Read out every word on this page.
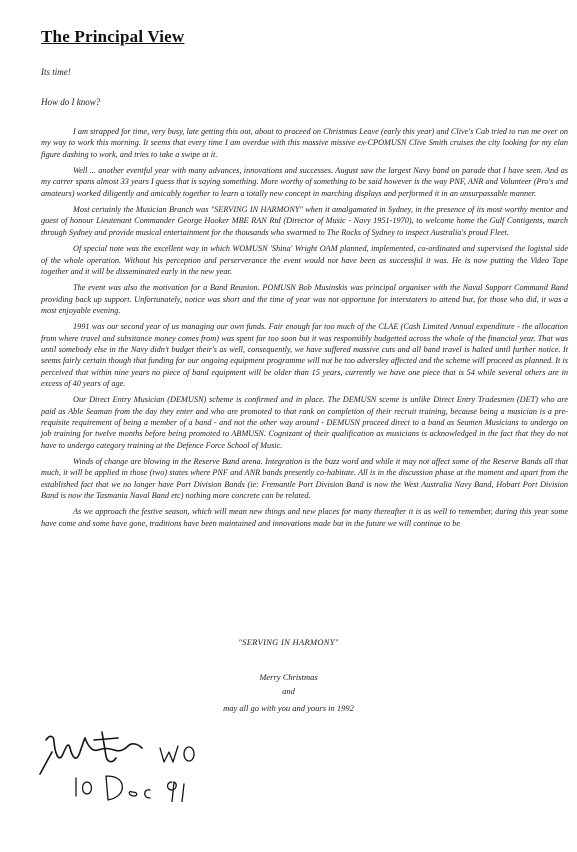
The Principal View
Its time!
How do I know?

I am strapped for time, very busy, late getting this out, about to proceed on Christmas Leave (early this year) and Clive's Cab tried to run me over on my way to work this morning. It seems that every time I am overdue with this massive missive ex-CPOMUSN Clive Smith cruises the city looking for my elan figure dashing to work, and tries to take a swipe at it.

Well ... another eventful year with many advances, innovations and successes. August saw the largest Navy band on parade that I have seen. And as my carrer spans almost 33 years I guess that is saying something. More worthy of something to be said however is the way PNF, ANR and Volunteer (Pro's and amateurs) worked diligently and amicably together to learn a totally new concept in marching displays and performed it in an unsurpassable manner.

Most certainly the Musician Branch was "SERVING IN HARMONY" when it amalgamated in Sydney, in the presence of its most worthy mentor and guest of honour Lieutenant Commander George Hooker MBE RAN Rtd (Director of Music - Navy 1951-1970), to welcome home the Gulf Contigents, march through Sydney and provide musical entertainment for the thousands who swarmed to The Rocks of Sydney to inspect Australia's proud Fleet.

Of special note was the excellent way in which WOMUSN 'Shina' Wright OAM planned, implemented, co-ordinated and supervised the logistal side of the whole operation. Without his perception and perserverance the event would not have been as successful it was. He is now putting the Video Tape together and it will be disseminated early in the new year.

The event was also the motivation for a Band Reunion. POMUSN Bob Musinskis was principal organiser with the Naval Support Command Band providing back up support. Unfortunately, notice was short and the time of year was not opportune for interstaters to attend but, for those who did, it was a most enjoyable evening.

1991 was our second year of us managing our own funds. Fair enough far too much of the CLAE (Cash Limited Annual expenditure - the allocation from where travel and subsitance money comes from) was spent far too soon but it was responsibly budgetted across the whole of the financial year. That was until somebody else in the Navy didn't budget their's as well, consequently, we have suffered massive cuts and all band travel is halted until further notice. It seems fairly certain though that funding for our ongoing equipment programme will not be too adversley affected and the scheme will proceed as planned. It is perceived that within nine years no piece of band equipment will be older than 15 years, currently we have one piece that is 54 while several others are in excess of 40 years of age.

Our Direct Entry Musician (DEMUSN) scheme is confirmed and in place. The DEMUSN sceme is unlike Direct Entry Tradesmen (DET) who are paid as Able Seaman from the day they enter and who are promoted to that rank on completion of their recruit training, because being a musician is a pre-requisite requirement of being a member of a band - and not the other way around - DEMUSN proceed direct to a band as Seamen Musicians to undergo on job training for twelve months before being promoted to ABMUSN. Cognizant of their qualification as musicians is acknowledged in the fact that they do not have to undergo category training at the Defence Force School of Music.

Winds of change are blowing in the Reserve Band arena. Integration is the buzz word and while it may not affect some of the Reserve Bands all that much, it will be applied in those (two) states where PNF and ANR bands presently co-habitate. All is in the discussion phase at the moment and apart from the established fact that we no longer have Port Division Bands (ie: Fremantle Port Division Band is now the West Australia Navy Band, Hobart Port Division Band is now the Tasmania Naval Band etc) nothing more concrete can be related.

As we approach the festive season, which will mean new things and new places for many thereafter it is as well to remember, during this year some have come and some have gone, traditions have been maintained and innovations made but in the future we will continue to be

"SERVING IN HARMONY"
Merry Christmas
and
may all go with you and yours in 1992
